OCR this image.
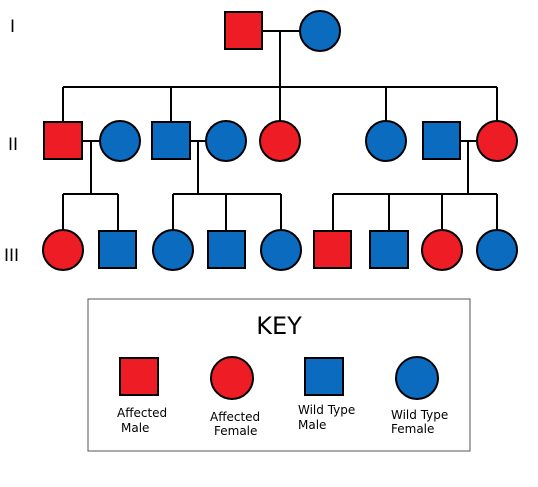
I
II
III
KEY
Affected
Male
Affected
Female
Wild Type
Male
Wild Type
Female
